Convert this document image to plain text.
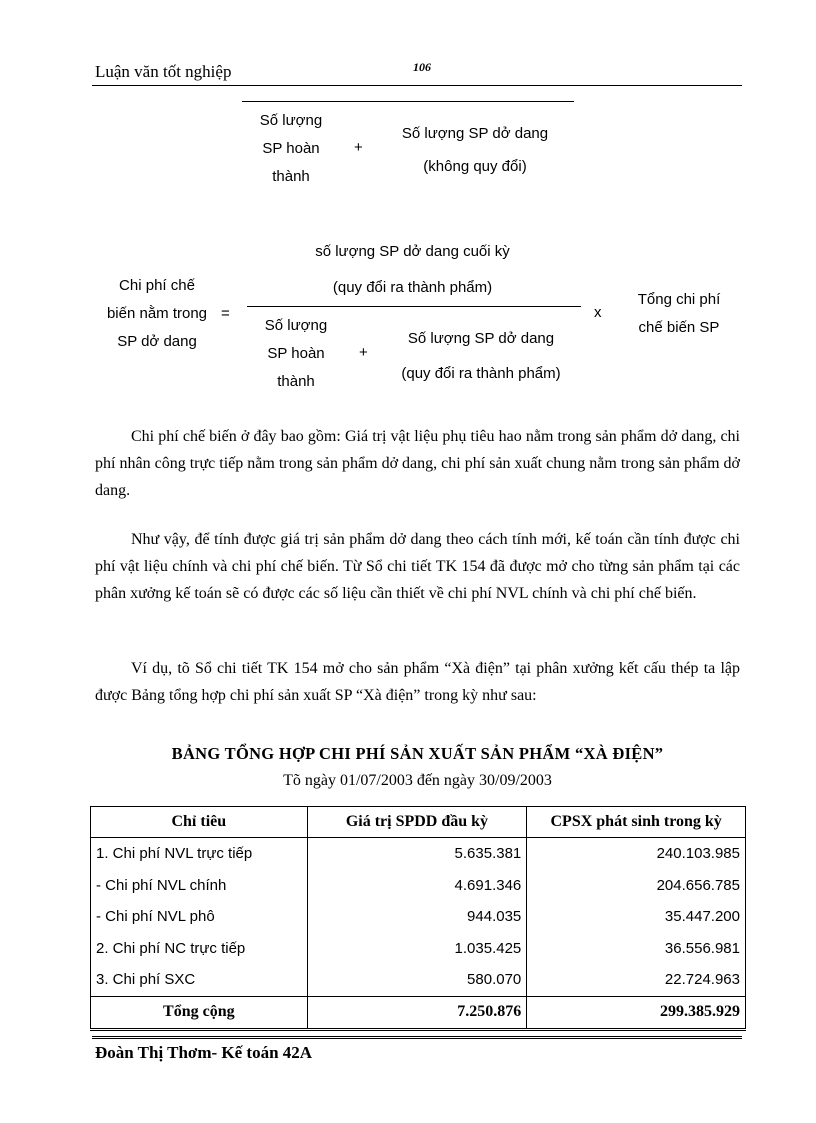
Luận văn tốt nghiệp	106
Số lượng
SP hoàn
thành
+
Số lượng SP dở dang
(không quy đổi)
Chi phí chế
biến nằm trong
SP dở dang
=
số lượng SP dở dang cuối kỳ
(quy đổi ra thành phẩm)
Số lượng
SP hoàn
thành
+
Số lượng SP dở dang
(quy đổi ra thành phẩm)
x
Tổng chi phí
chế biến SP

Chi phí chế biến ở đây bao gồm: Giá trị vật liệu phụ tiêu hao nằm trong sản phẩm dở dang, chi phí nhân công trực tiếp nằm trong sản phẩm dở dang, chi phí sản xuất chung nằm trong sản phẩm dở dang.

Như vậy, để tính được giá trị sản phẩm dở dang theo cách tính mới, kế toán cần tính được chi phí vật liệu chính và chi phí chế biến. Từ Sổ chi tiết TK 154 đã được mở cho từng sản phẩm tại các phân xưởng kế toán sẽ có được các số liệu cần thiết về chi phí NVL chính và chi phí chế biến.

Ví dụ, tõ Sổ chi tiết TK 154 mở cho sản phẩm “Xà điện” tại phân xưởng kết cấu thép ta lập được Bảng tổng hợp chi phí sản xuất SP “Xà điện” trong kỳ như sau:

BẢNG TỔNG HỢP CHI PHÍ SẢN XUẤT SẢN PHẨM “XÀ ĐIỆN”
Tõ ngày 01/07/2003 đến ngày 30/09/2003
Chỉ tiêu	Giá trị SPDD đầu kỳ	CPSX phát sinh trong kỳ
1. Chi phí NVL trực tiếp	5.635.381	240.103.985
- Chi phí NVL chính	4.691.346	204.656.785
- Chi phí NVL phô	944.035	35.447.200
2. Chi phí NC trực tiếp	1.035.425	36.556.981
3. Chi phí SXC	580.070	22.724.963
Tổng cộng	7.250.876	299.385.929
Đoàn Thị Thơm- Kế toán 42A
